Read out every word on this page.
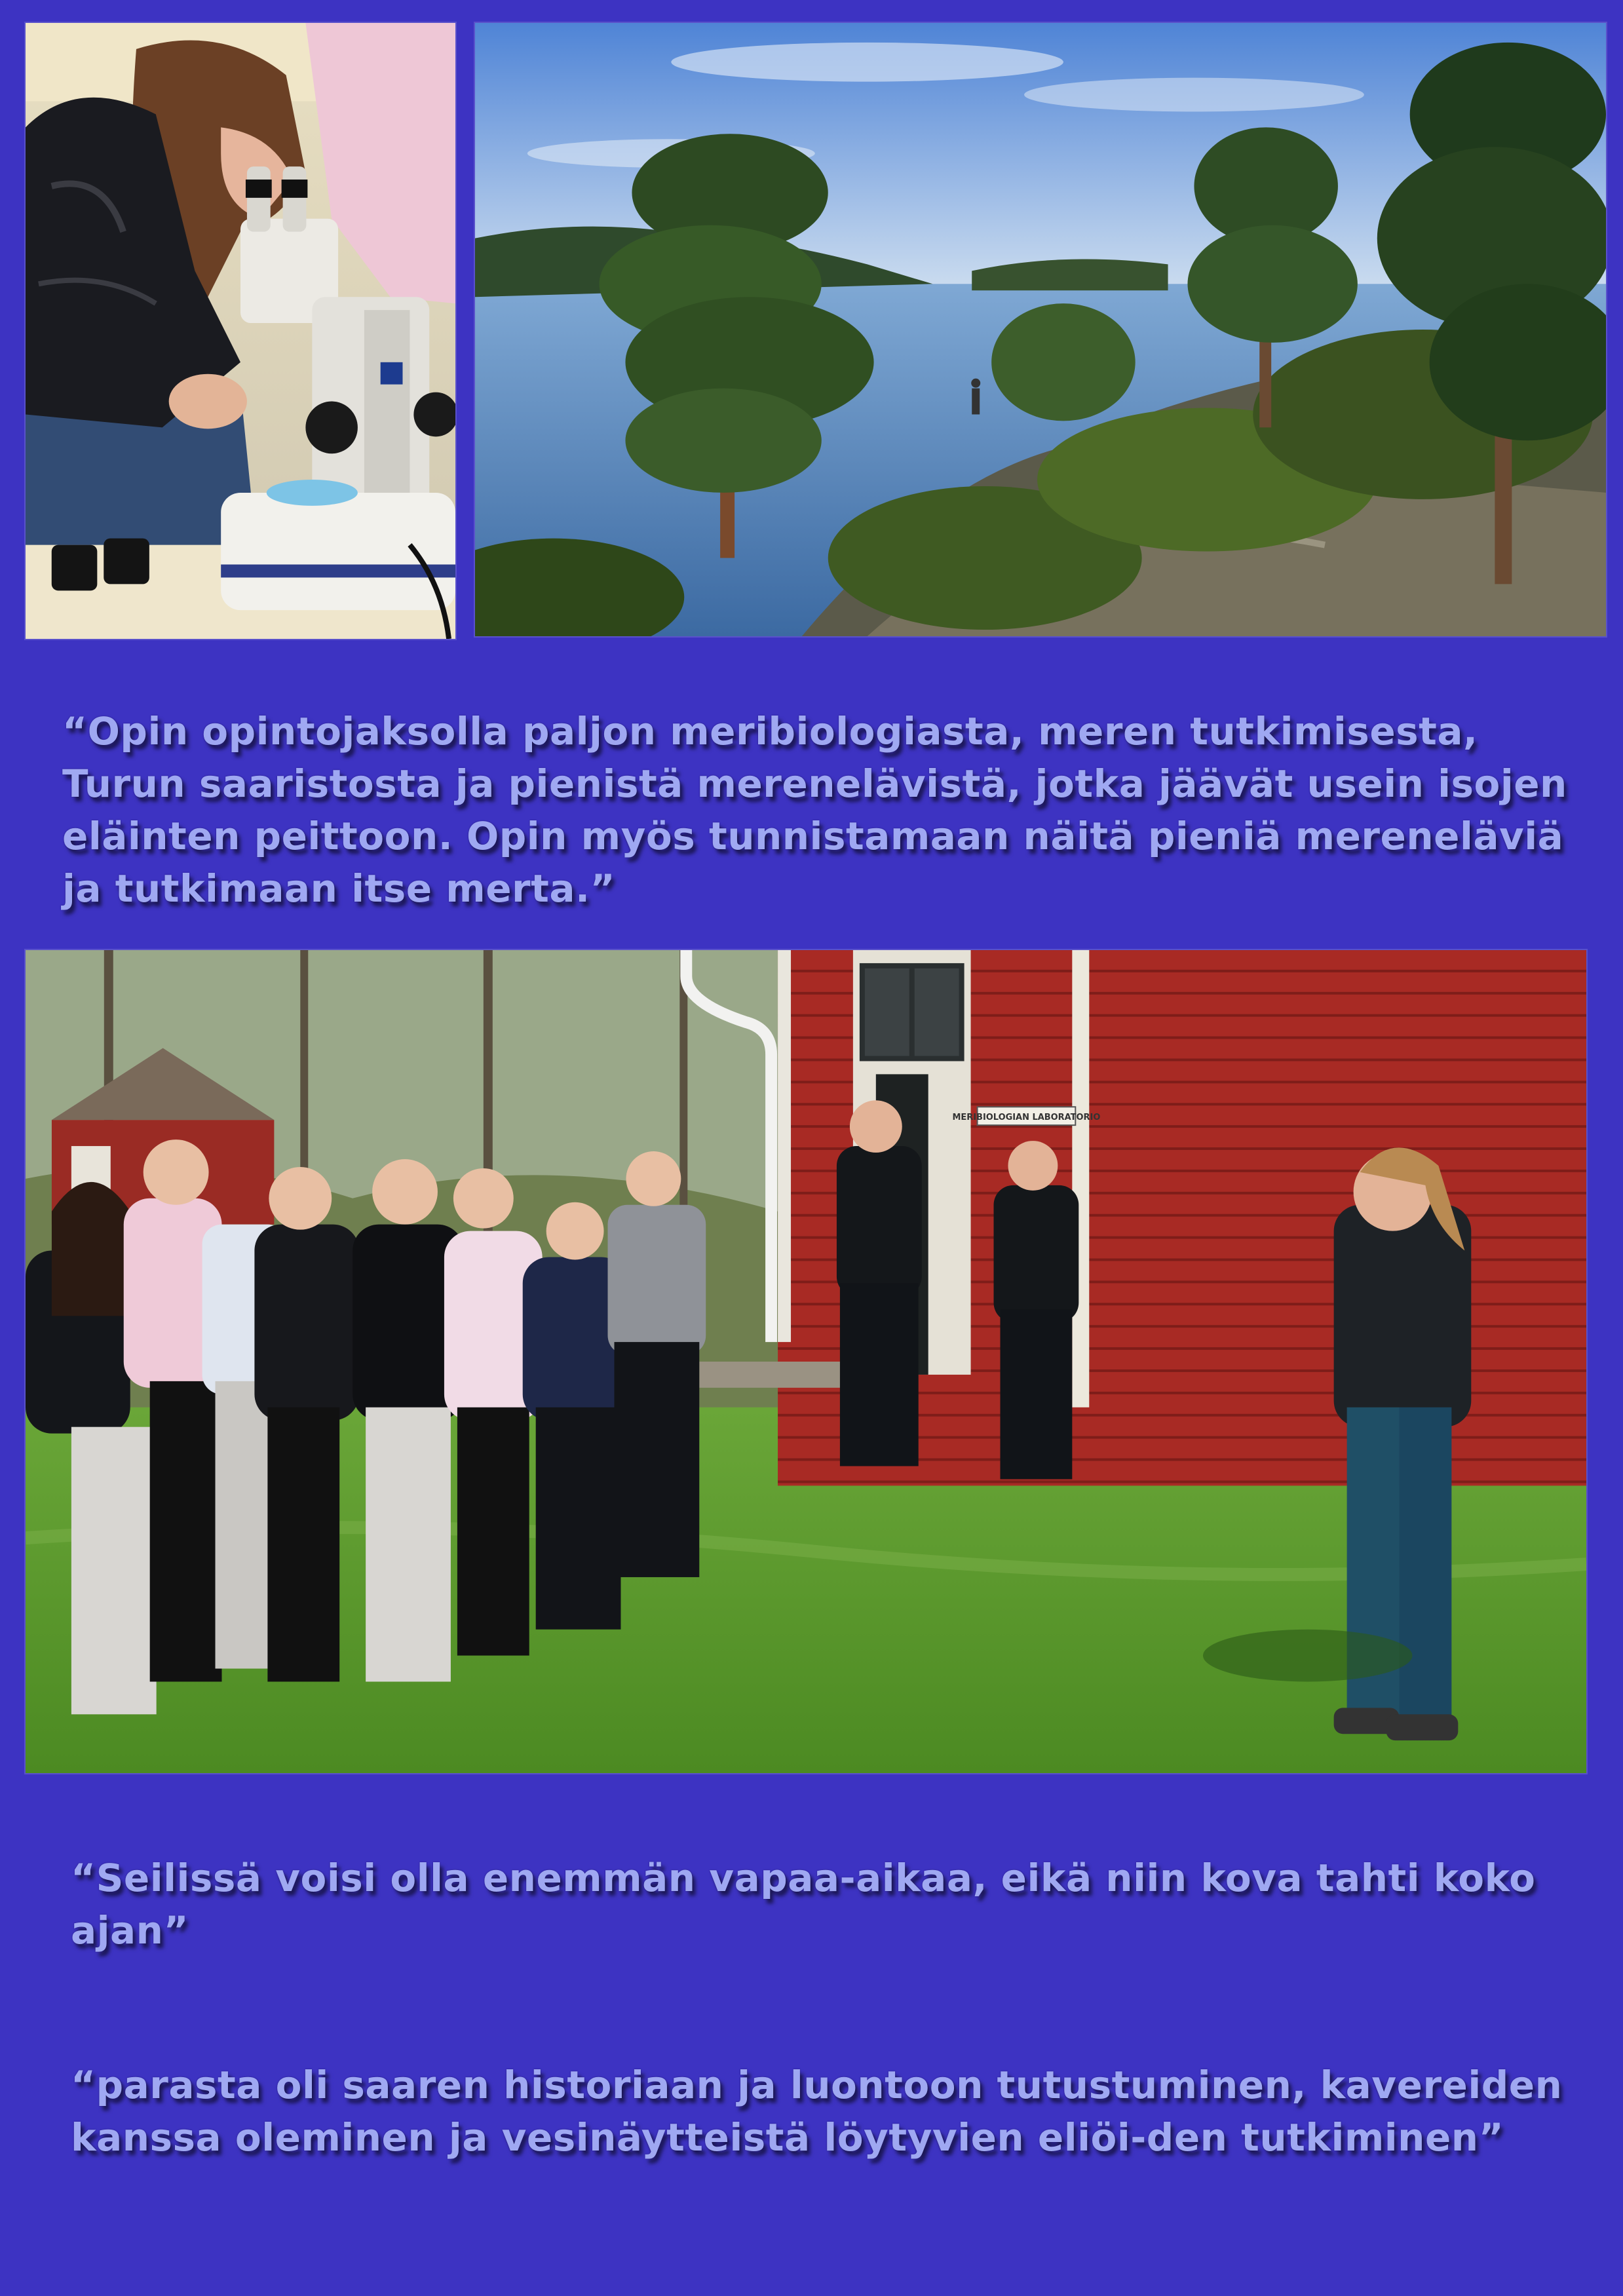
“Opin opintojaksolla paljon meribiologiasta, meren tutkimisesta, Turun saaristosta ja pienistä merenelävistä, jotka jäävät usein isojen eläinten peittoon. Opin myös tunnistamaan näitä pieniä mereneläviä ja tutkimaan itse merta.”

MERIBIOLOGIAN LABORATORIO

“Seilissä voisi olla enemmän vapaa-aikaa, eikä niin kova tahti koko ajan”

“parasta oli saaren historiaan ja luontoon tutustuminen, kavereiden kanssa oleminen ja vesinäytteistä löytyvien eliöi-den tutkiminen”
